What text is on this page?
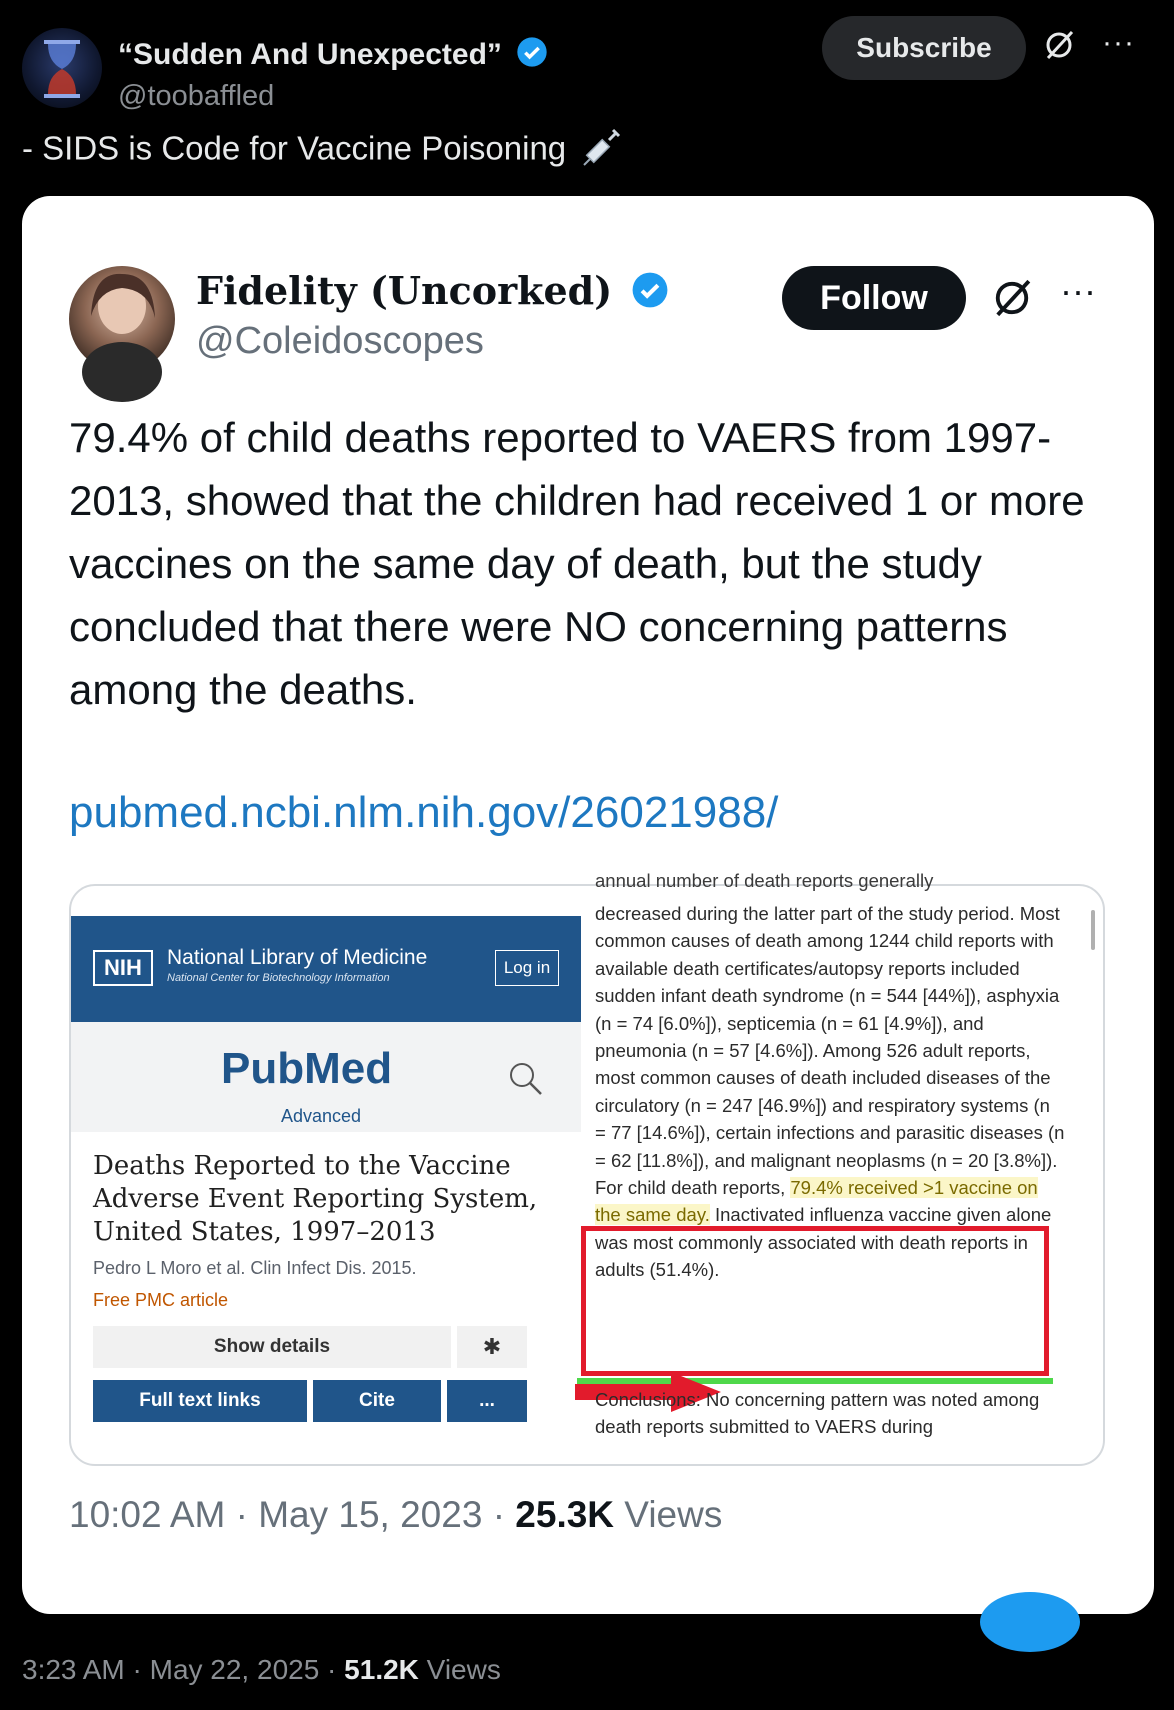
“Sudden And Unexpected”
@toobaffled
Subscribe	···
- SIDS is Code for Vaccine Poisoning
Fidelity (Uncorked)
@Coleidoscopes
Follow	···
79.4% of child deaths reported to VAERS from 1997-2013, showed that the children had received 1 or more vaccines on the same day of death, but the study concluded that there were NO concerning patterns among the deaths.
pubmed.ncbi.nlm.nih.gov/26021988/
NIH	National Library of Medicine
National Center for Biotechnology Information
Log in
PubMed
Advanced
Deaths Reported to the Vaccine Adverse Event Reporting System, United States, 1997–2013
Pedro L Moro et al. Clin Infect Dis. 2015.
Free PMC article
Show details	✱
Full text links	Cite	...
annual number of death reports generally
decreased during the latter part of the study period. Most common causes of death among 1244 child reports with available death certificates/autopsy reports included sudden infant death syndrome (n = 544 [44%]), asphyxia (n = 74 [6.0%]), septicemia (n = 61 [4.9%]), and pneumonia (n = 57 [4.6%]). Among 526 adult reports, most common causes of death included diseases of the circulatory (n = 247 [46.9%]) and respiratory systems (n = 77 [14.6%]), certain infections and parasitic diseases (n = 62 [11.8%]), and malignant neoplasms (n = 20 [3.8%]). For child death reports, 79.4% received >1 vaccine on the same day. Inactivated influenza vaccine given alone was most commonly associated with death reports in adults (51.4%).
Conclusions: No concerning pattern was noted among death reports submitted to VAERS during
10:02 AM · May 15, 2023 · 25.3K Views
3:23 AM · May 22, 2025 · 51.2K Views
